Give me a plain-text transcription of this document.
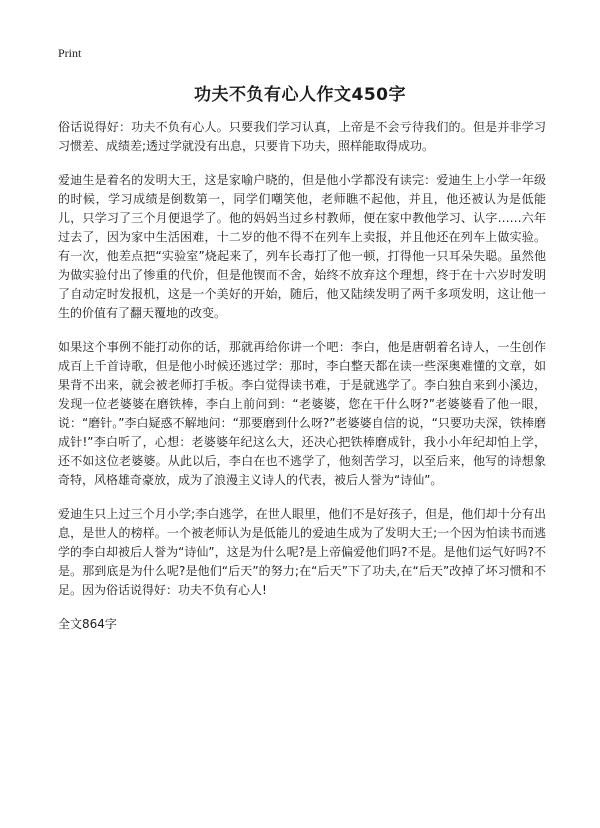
Print
功夫不负有心人作文450字

俗话说得好：功夫不负有心人。只要我们学习认真，上帝是不会亏待我们的。但是并非学习习惯差、成绩差;透过学就没有出息，只要肯下功夫，照样能取得成功。

爱迪生是着名的发明大王，这是家喻户晓的，但是他小学都没有读完：爱迪生上小学一年级的时候，学习成绩是倒数第一，同学们嘲笑他，老师瞧不起他，并且，他还被认为是低能儿，只学习了三个月便退学了。他的妈妈当过乡村教师，便在家中教他学习、认字……六年过去了，因为家中生活困难，十二岁的他不得不在列车上卖报，并且他还在列车上做实验。有一次，他差点把“实验室”烧起来了，列车长毒打了他一顿，打得他一只耳朵失聪。虽然他为做实验付出了惨重的代价，但是他锲而不舍，始终不放弃这个理想，终于在十六岁时发明了自动定时发报机，这是一个美好的开始，随后，他又陆续发明了两千多项发明，这让他一生的价值有了翻天覆地的改变。

如果这个事例不能打动你的话，那就再给你讲一个吧：李白，他是唐朝着名诗人，一生创作成百上千首诗歌，但是他小时候还逃过学：那时，李白整天都在读一些深奥难懂的文章，如果背不出来，就会被老师打手板。李白觉得读书难，于是就逃学了。李白独自来到小溪边，发现一位老婆婆在磨铁棒，李白上前问到：“老婆婆，您在干什么呀?”老婆婆看了他一眼，说：“磨针。”李白疑惑不解地问：“那要磨到什么呀?”老婆婆自信的说，“只要功夫深，铁棒磨成针!”李白听了，心想：老婆婆年纪这么大，还决心把铁棒磨成针，我小小年纪却怕上学，还不如这位老婆婆。从此以后，李白在也不逃学了，他刻苦学习，以至后来，他写的诗想象奇特，风格雄奇豪放，成为了浪漫主义诗人的代表，被后人誉为“诗仙”。

爱迪生只上过三个月小学;李白逃学，在世人眼里，他们不是好孩子，但是，他们却十分有出息，是世人的榜样。一个被老师认为是低能儿的爱迪生成为了发明大王;一个因为怕读书而逃学的李白却被后人誉为“诗仙”，这是为什么呢?是上帝偏爱他们吗?不是。是他们运气好吗?不是。那到底是为什么呢?是他们“后天”的努力;在“后天”下了功夫,在“后天”改掉了坏习惯和不足。因为俗话说得好：功夫不负有心人!

全文864字
